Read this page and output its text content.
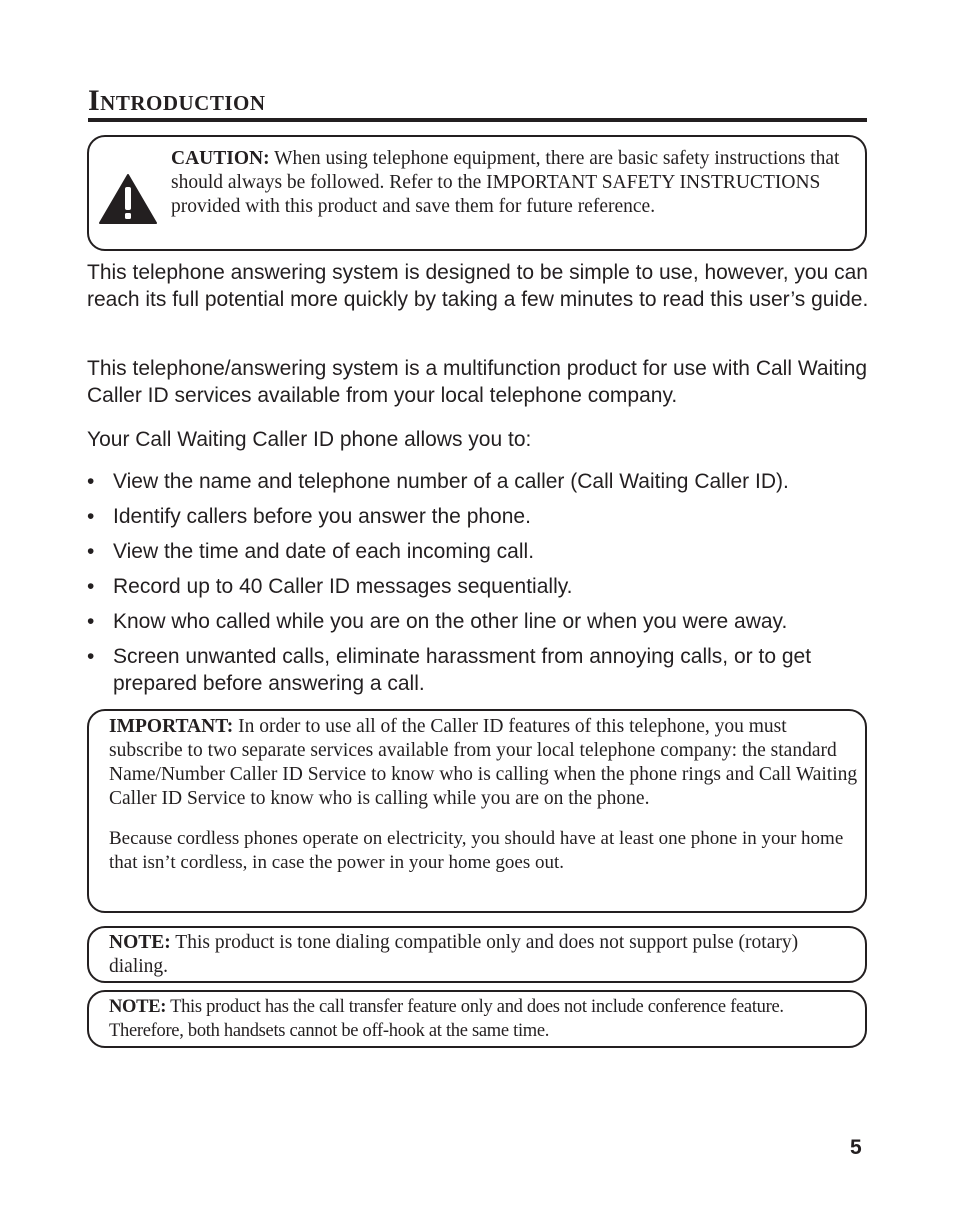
Introduction
CAUTION: When using telephone equipment, there are basic safety instructions that should always be followed. Refer to the IMPORTANT SAFETY INSTRUCTIONS provided with this product and save them for future reference.
This telephone answering system is designed to be simple to use, however, you can reach its full potential more quickly by taking a few minutes to read this user’s guide.
This telephone/answering system is a multifunction product for use with Call Waiting Caller ID services available from your local telephone company.
Your Call Waiting Caller ID phone allows you to:
• View the name and telephone number of a caller (Call Waiting Caller ID).
• Identify callers before you answer the phone.
• View the time and date of each incoming call.
• Record up to 40 Caller ID messages sequentially.
• Know who called while you are on the other line or when you were away.
• Screen unwanted calls, eliminate harassment from annoying calls, or to get prepared before answering a call.

IMPORTANT: In order to use all of the Caller ID features of this telephone, you must subscribe to two separate services available from your local telephone company: the standard Name/Number Caller ID Service to know who is calling when the phone rings and Call Waiting Caller ID Service to know who is calling while you are on the phone.

Because cordless phones operate on electricity, you should have at least one phone in your home that isn’t cordless, in case the power in your home goes out.

NOTE: This product is tone dialing compatible only and does not support pulse (rotary) dialing.
NOTE: This product has the call transfer feature only and does not include conference feature. Therefore, both handsets cannot be off-hook at the same time.
5
